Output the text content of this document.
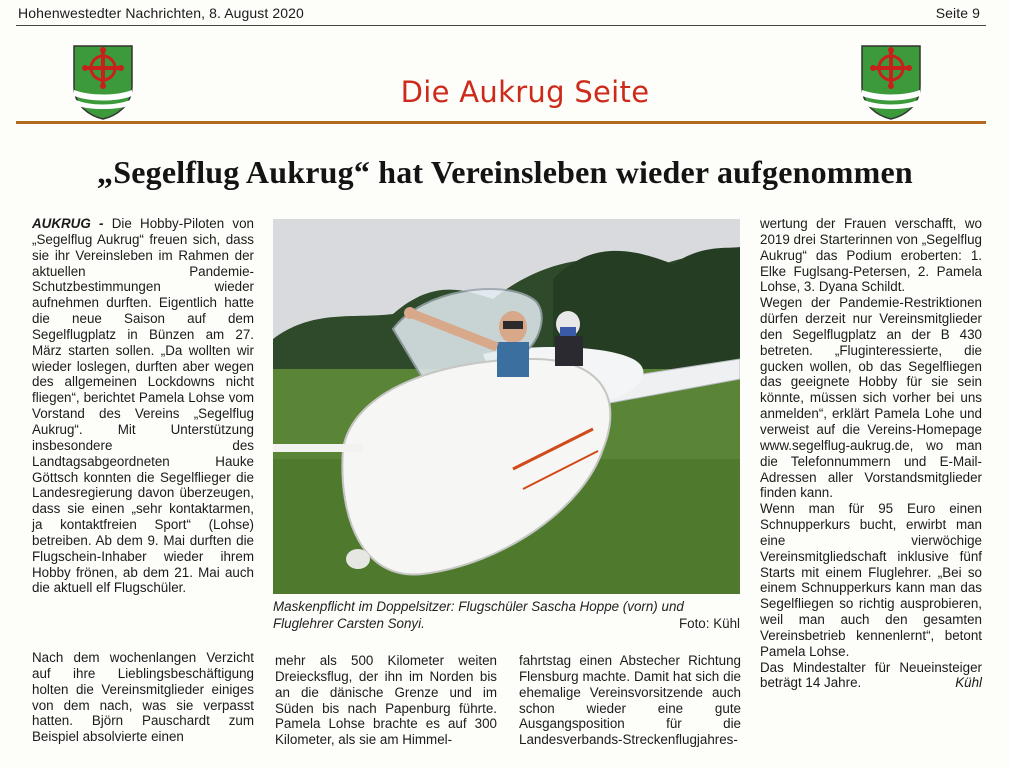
Hohenwestedter Nachrichten, 8. August 2020	Seite 9
Die Aukrug Seite
„Segelflug Aukrug“ hat Vereinsleben wieder aufgenommen

AUKRUG - Die Hobby-Piloten von „Segelflug Aukrug“ freuen sich, dass sie ihr Vereinsleben im Rahmen der aktuellen Pandemie-Schutzbestimmungen wieder aufnehmen durften. Eigentlich hatte die neue Saison auf dem Segelflugplatz in Bünzen am 27. März starten sollen. „Da wollten wir wieder loslegen, durften aber wegen des allgemeinen Lockdowns nicht fliegen“, berichtet Pamela Lohse vom Vorstand des Vereins „Segelflug Aukrug“. Mit Unterstützung insbesondere des Landtagsabgeordneten Hauke Göttsch konnten die Segelflieger die Landesregierung davon überzeugen, dass sie einen „sehr kontaktarmen, ja kontaktfreien Sport“ (Lohse) betreiben. Ab dem 9. Mai durften die Flugschein-Inhaber wieder ihrem Hobby frönen, ab dem 21. Mai auch die aktuell elf Flugschüler.

Nach dem wochenlangen Verzicht auf ihre Lieblingsbeschäftigung holten die Vereinsmitglieder einiges von dem nach, was sie verpasst hatten. Björn Pauschardt zum Beispiel absolvierte einen

Maskenpflicht im Doppelsitzer: Flugschüler Sascha Hoppe (vorn) und Fluglehrer Carsten Sonyi.	Foto: Kühl

mehr als 500 Kilometer weiten Dreiecksflug, der ihn im Norden bis an die dänische Grenze und im Süden bis nach Papenburg führte. Pamela Lohse brachte es auf 300 Kilometer, als sie am Himmel-

fahrtstag einen Abstecher Richtung Flensburg machte. Damit hat sich die ehemalige Vereinsvorsitzende auch schon wieder eine gute Ausgangsposition für die Landesverbands-Streckenflugjahres-

wertung der Frauen verschafft, wo 2019 drei Starterinnen von „Segelflug Aukrug“ das Podium eroberten: 1. Elke Fuglsang-Petersen, 2. Pamela Lohse, 3. Dyana Schildt.

Wegen der Pandemie-Restriktionen dürfen derzeit nur Vereinsmitglieder den Segelflugplatz an der B 430 betreten. „Fluginteressierte, die gucken wollen, ob das Segelfliegen das geeignete Hobby für sie sein könnte, müssen sich vorher bei uns anmelden“, erklärt Pamela Lohe und verweist auf die Vereins-Homepage www.segelflug-aukrug.de, wo man die Telefonnummern und E-Mail-Adressen aller Vorstandsmitglieder finden kann.

Wenn man für 95 Euro einen Schnupperkurs bucht, erwirbt man eine vierwöchige Vereinsmitgliedschaft inklusive fünf Starts mit einem Fluglehrer. „Bei so einem Schnupperkurs kann man das Segelfliegen so richtig ausprobieren, weil man auch den gesamten Vereinsbetrieb kennenlernt“, betont Pamela Lohse.

Das Mindestalter für Neueinsteiger beträgt 14 Jahre.	Kühl
